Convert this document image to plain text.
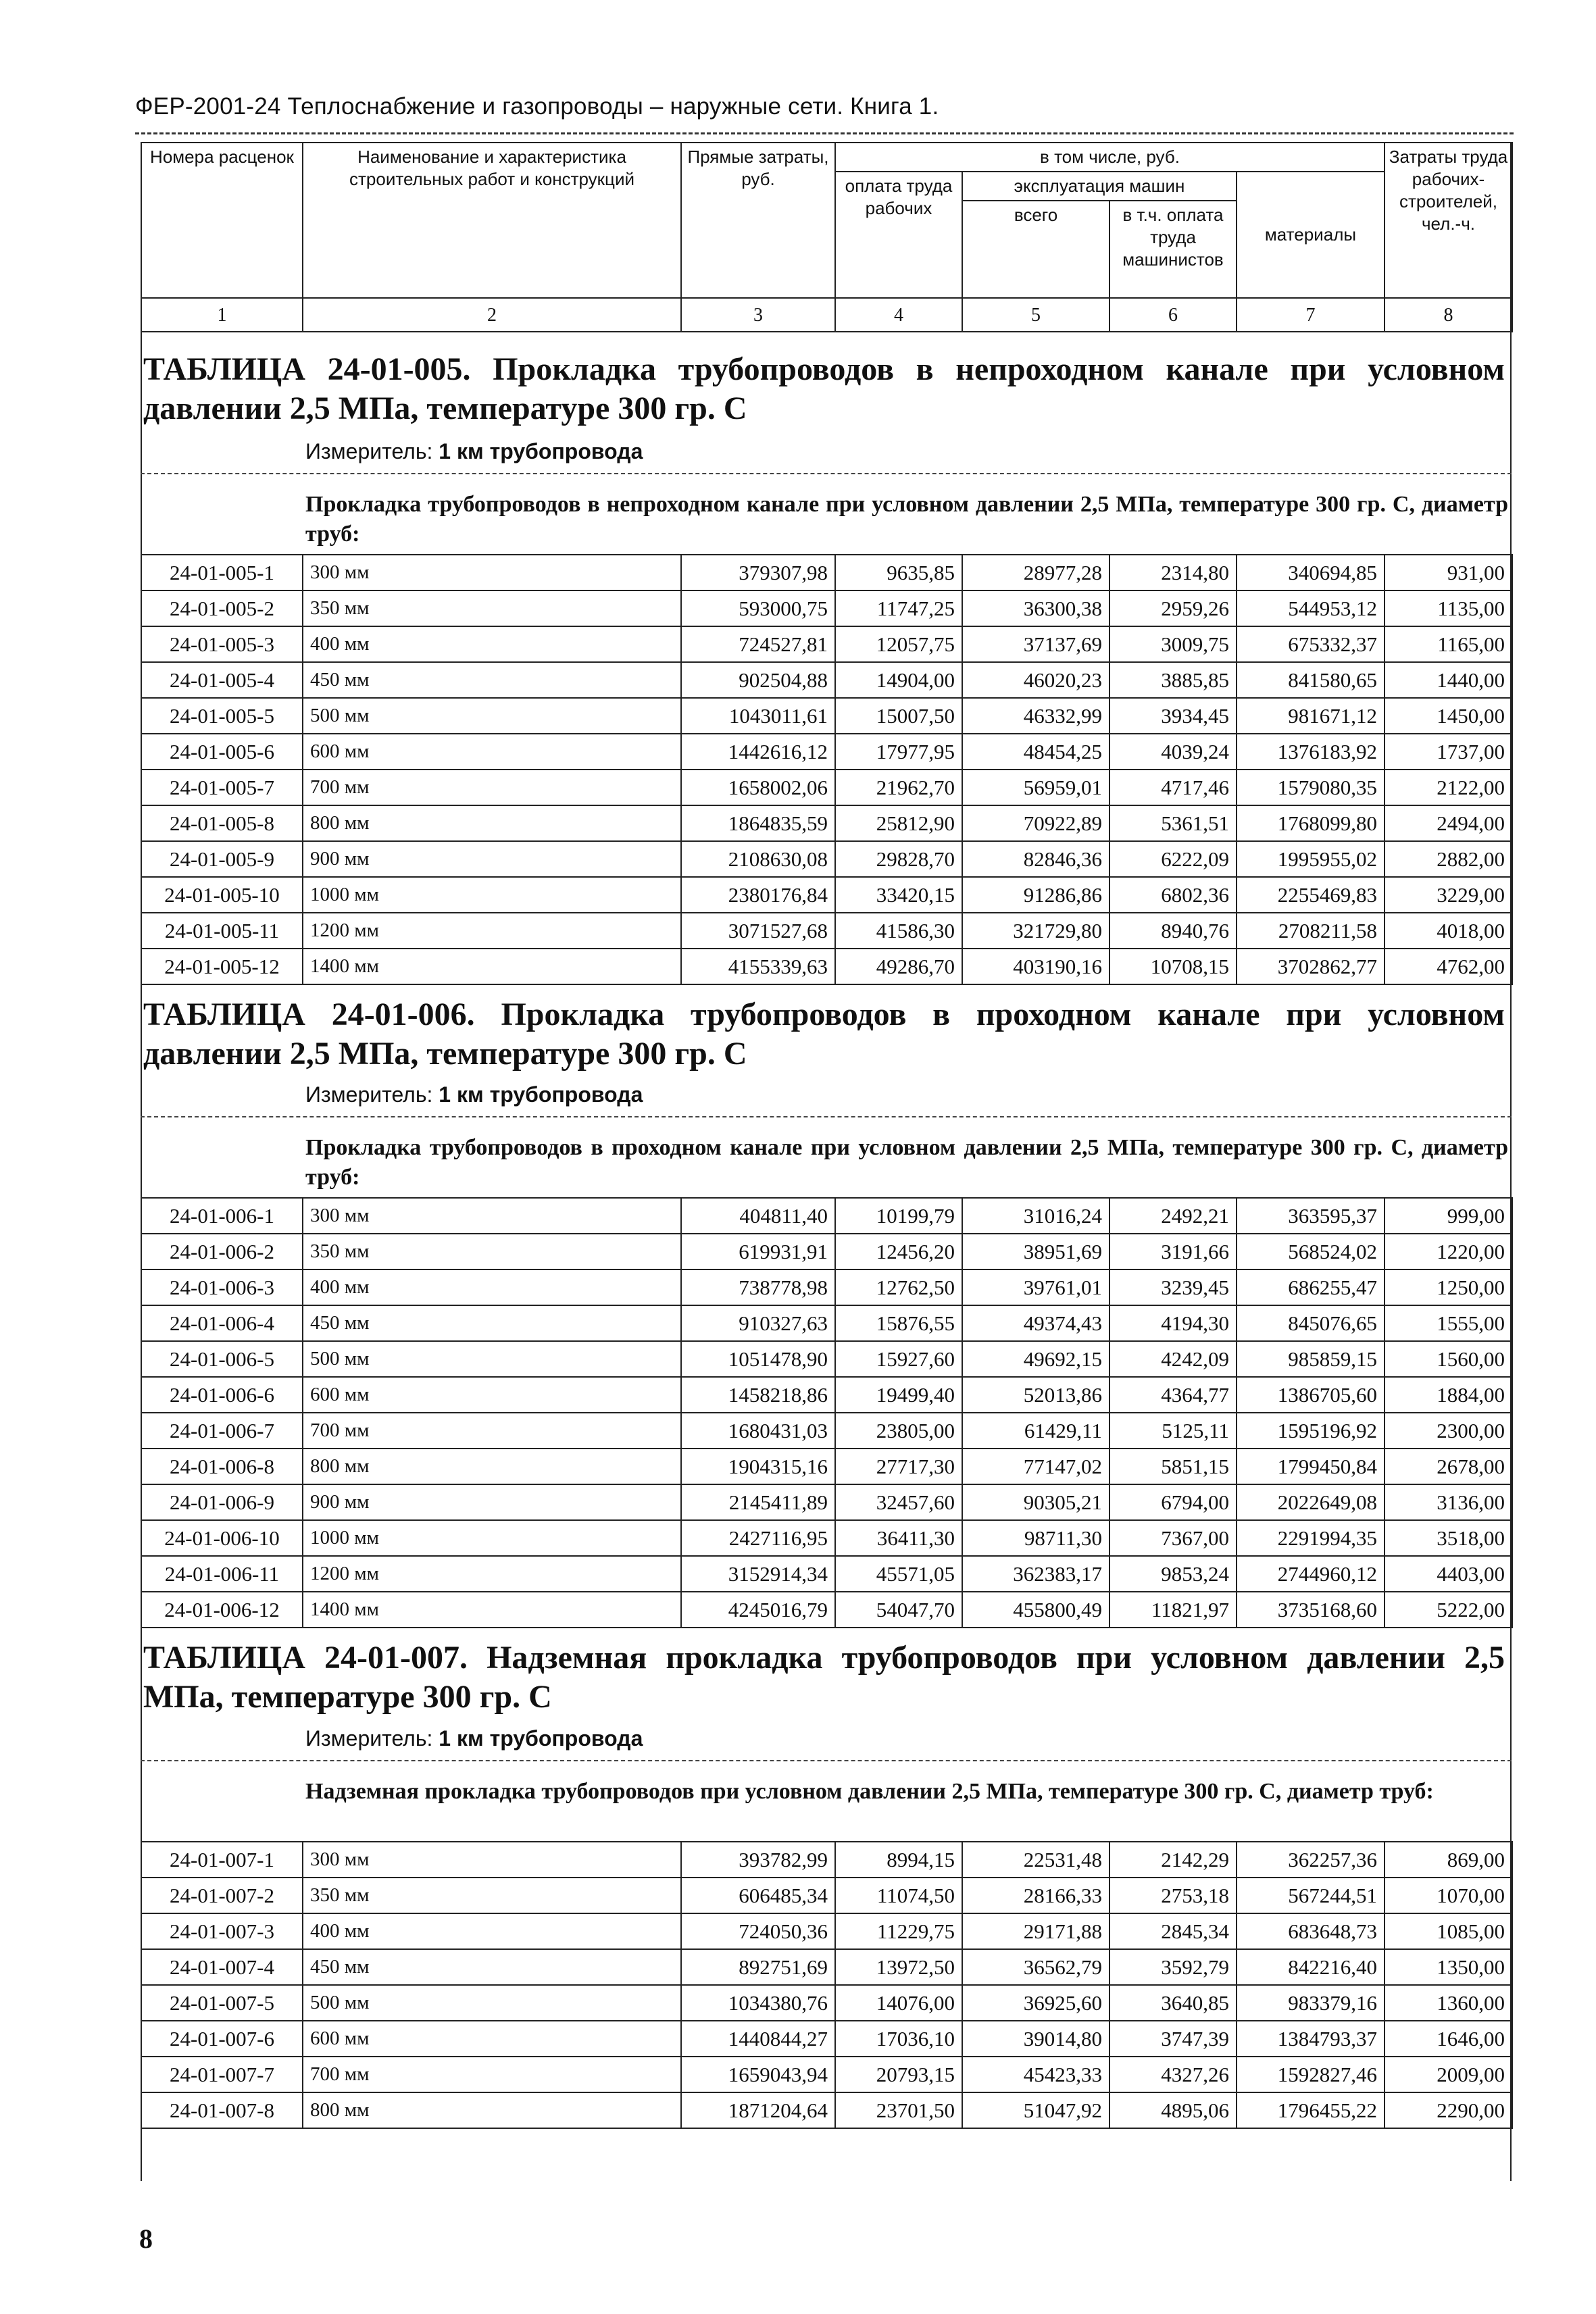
ФЕР-2001-24 Теплоснабжение и газопроводы – наружные сети. Книга 1.
Номера расценок	Наименование и характеристика строительных работ и конструкций	Прямые затраты, руб.	в том числе, руб.				Затраты труда рабочих-строителей, чел.-ч.
			оплата труда рабочих	эксплуатация машин		материалы	
				всего	в т.ч. оплата труда машинистов		
1	2	3	4	5	6	7	8
ТАБЛИЦА 24-01-005. Прокладка трубопроводов в непроходном канале при условном давлении 2,5 МПа, температуре 300 гр. С
Измеритель: 1 км трубопровода
Прокладка трубопроводов в непроходном канале при условном давлении 2,5 МПа, температуре 300 гр. С, диаметр труб:
24-01-005-1	300 мм	379307,98	9635,85	28977,28	2314,80	340694,85	931,00
24-01-005-2	350 мм	593000,75	11747,25	36300,38	2959,26	544953,12	1135,00
24-01-005-3	400 мм	724527,81	12057,75	37137,69	3009,75	675332,37	1165,00
24-01-005-4	450 мм	902504,88	14904,00	46020,23	3885,85	841580,65	1440,00
24-01-005-5	500 мм	1043011,61	15007,50	46332,99	3934,45	981671,12	1450,00
24-01-005-6	600 мм	1442616,12	17977,95	48454,25	4039,24	1376183,92	1737,00
24-01-005-7	700 мм	1658002,06	21962,70	56959,01	4717,46	1579080,35	2122,00
24-01-005-8	800 мм	1864835,59	25812,90	70922,89	5361,51	1768099,80	2494,00
24-01-005-9	900 мм	2108630,08	29828,70	82846,36	6222,09	1995955,02	2882,00
24-01-005-10	1000 мм	2380176,84	33420,15	91286,86	6802,36	2255469,83	3229,00
24-01-005-11	1200 мм	3071527,68	41586,30	321729,80	8940,76	2708211,58	4018,00
24-01-005-12	1400 мм	4155339,63	49286,70	403190,16	10708,15	3702862,77	4762,00
ТАБЛИЦА 24-01-006. Прокладка трубопроводов в проходном канале при условном давлении 2,5 МПа, температуре 300 гр. С
Измеритель: 1 км трубопровода
Прокладка трубопроводов в проходном канале при условном давлении 2,5 МПа, температуре 300 гр. С, диаметр труб:
24-01-006-1	300 мм	404811,40	10199,79	31016,24	2492,21	363595,37	999,00
24-01-006-2	350 мм	619931,91	12456,20	38951,69	3191,66	568524,02	1220,00
24-01-006-3	400 мм	738778,98	12762,50	39761,01	3239,45	686255,47	1250,00
24-01-006-4	450 мм	910327,63	15876,55	49374,43	4194,30	845076,65	1555,00
24-01-006-5	500 мм	1051478,90	15927,60	49692,15	4242,09	985859,15	1560,00
24-01-006-6	600 мм	1458218,86	19499,40	52013,86	4364,77	1386705,60	1884,00
24-01-006-7	700 мм	1680431,03	23805,00	61429,11	5125,11	1595196,92	2300,00
24-01-006-8	800 мм	1904315,16	27717,30	77147,02	5851,15	1799450,84	2678,00
24-01-006-9	900 мм	2145411,89	32457,60	90305,21	6794,00	2022649,08	3136,00
24-01-006-10	1000 мм	2427116,95	36411,30	98711,30	7367,00	2291994,35	3518,00
24-01-006-11	1200 мм	3152914,34	45571,05	362383,17	9853,24	2744960,12	4403,00
24-01-006-12	1400 мм	4245016,79	54047,70	455800,49	11821,97	3735168,60	5222,00
ТАБЛИЦА 24-01-007. Надземная прокладка трубопроводов при условном давлении 2,5 МПа, температуре 300 гр. С
Измеритель: 1 км трубопровода
Надземная прокладка трубопроводов при условном давлении 2,5 МПа, температуре 300 гр. С, диаметр труб:
24-01-007-1	300 мм	393782,99	8994,15	22531,48	2142,29	362257,36	869,00
24-01-007-2	350 мм	606485,34	11074,50	28166,33	2753,18	567244,51	1070,00
24-01-007-3	400 мм	724050,36	11229,75	29171,88	2845,34	683648,73	1085,00
24-01-007-4	450 мм	892751,69	13972,50	36562,79	3592,79	842216,40	1350,00
24-01-007-5	500 мм	1034380,76	14076,00	36925,60	3640,85	983379,16	1360,00
24-01-007-6	600 мм	1440844,27	17036,10	39014,80	3747,39	1384793,37	1646,00
24-01-007-7	700 мм	1659043,94	20793,15	45423,33	4327,26	1592827,46	2009,00
24-01-007-8	800 мм	1871204,64	23701,50	51047,92	4895,06	1796455,22	2290,00
8
